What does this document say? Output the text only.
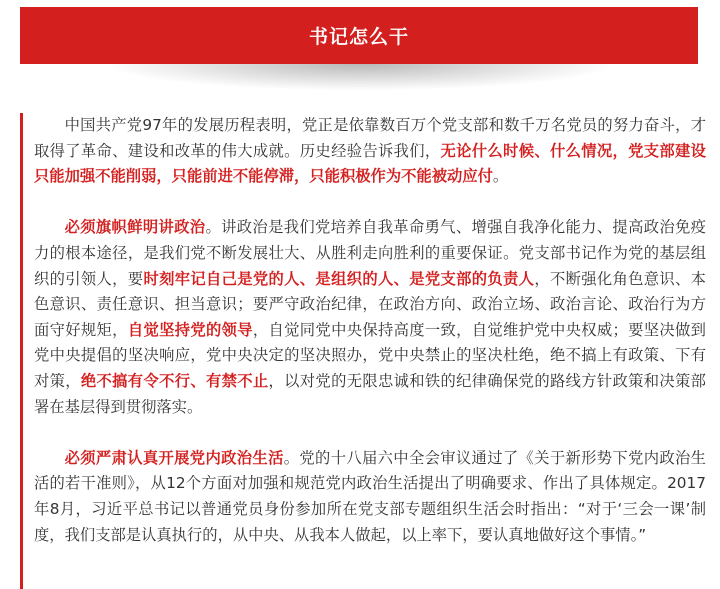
书记怎么干

中国共产党97年的发展历程表明，党正是依靠数百万个党支部和数千万名党员的努力奋斗，才取得了革命、建设和改革的伟大成就。历史经验告诉我们，无论什么时候、什么情况，党支部建设只能加强不能削弱，只能前进不能停滞，只能积极作为不能被动应付。

必须旗帜鲜明讲政治。讲政治是我们党培养自我革命勇气、增强自我净化能力、提高政治免疫力的根本途径，是我们党不断发展壮大、从胜利走向胜利的重要保证。党支部书记作为党的基层组织的引领人，要时刻牢记自己是党的人、是组织的人、是党支部的负责人，不断强化角色意识、本色意识、责任意识、担当意识；要严守政治纪律，在政治方向、政治立场、政治言论、政治行为方面守好规矩，自觉坚持党的领导，自觉同党中央保持高度一致，自觉维护党中央权威；要坚决做到党中央提倡的坚决响应，党中央决定的坚决照办，党中央禁止的坚决杜绝，绝不搞上有政策、下有对策，绝不搞有令不行、有禁不止，以对党的无限忠诚和铁的纪律确保党的路线方针政策和决策部署在基层得到贯彻落实。

必须严肃认真开展党内政治生活。党的十八届六中全会审议通过了《关于新形势下党内政治生活的若干准则》，从12个方面对加强和规范党内政治生活提出了明确要求、作出了具体规定。2017年8月，习近平总书记以普通党员身份参加所在党支部专题组织生活会时指出：“对于‘三会一课’制度，我们支部是认真执行的，从中央、从我本人做起，以上率下，要认真地做好这个事情。”
